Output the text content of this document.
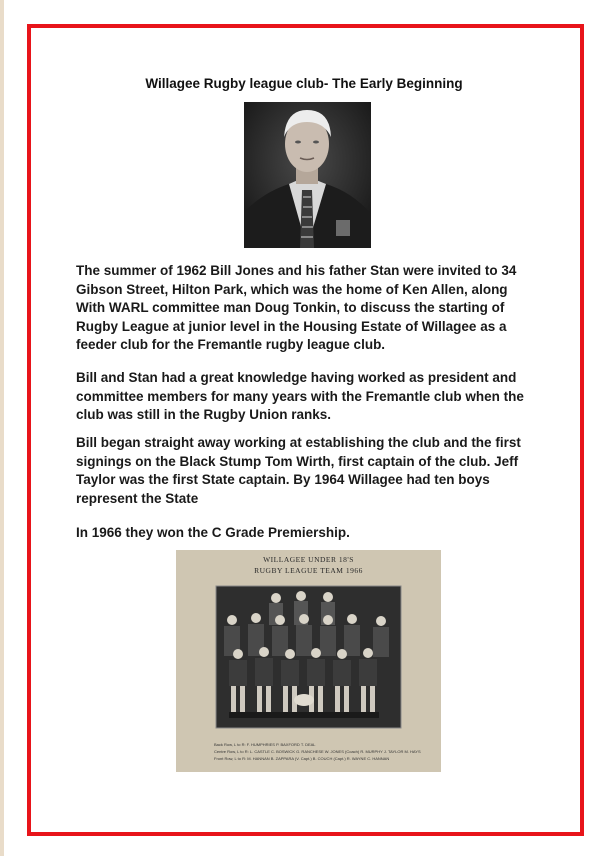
Willagee Rugby league club- The Early Beginning

The summer of 1962 Bill Jones and his father Stan were invited to 34 Gibson Street, Hilton Park, which was the home of Ken Allen, along With WARL committee man Doug Tonkin, to discuss the starting of Rugby League at junior level in the Housing Estate of Willagee as a feeder club for the Fremantle rugby league club.

Bill and Stan had a great knowledge having worked as president and committee members for many years with the Fremantle club when the club was still in the Rugby Union ranks.

Bill began straight away working at establishing the club and the first signings on the Black Stump Tom Wirth, first captain of the club. Jeff Taylor was the first State captain. By 1964 Willagee had ten boys represent the State

In 1966 they won the C Grade Premiership.

WILLAGEE UNDER 18'S
RUGBY LEAGUE TEAM 1966
Back Row, L to R: F. HUMPHRIES P. BAXFORD T. DEAL
Centre Row, L to R: L. CASTLE C. BOSWICK G. RANCHESE W. JONES (Coach) R. MURPHY J. TAYLOR M. HAYS
Front Row, L to R: M. HANNAN B. ZAPPARA (V. Capt.) B. COUCH (Capt.) R. WAYNE C. HANNAN
